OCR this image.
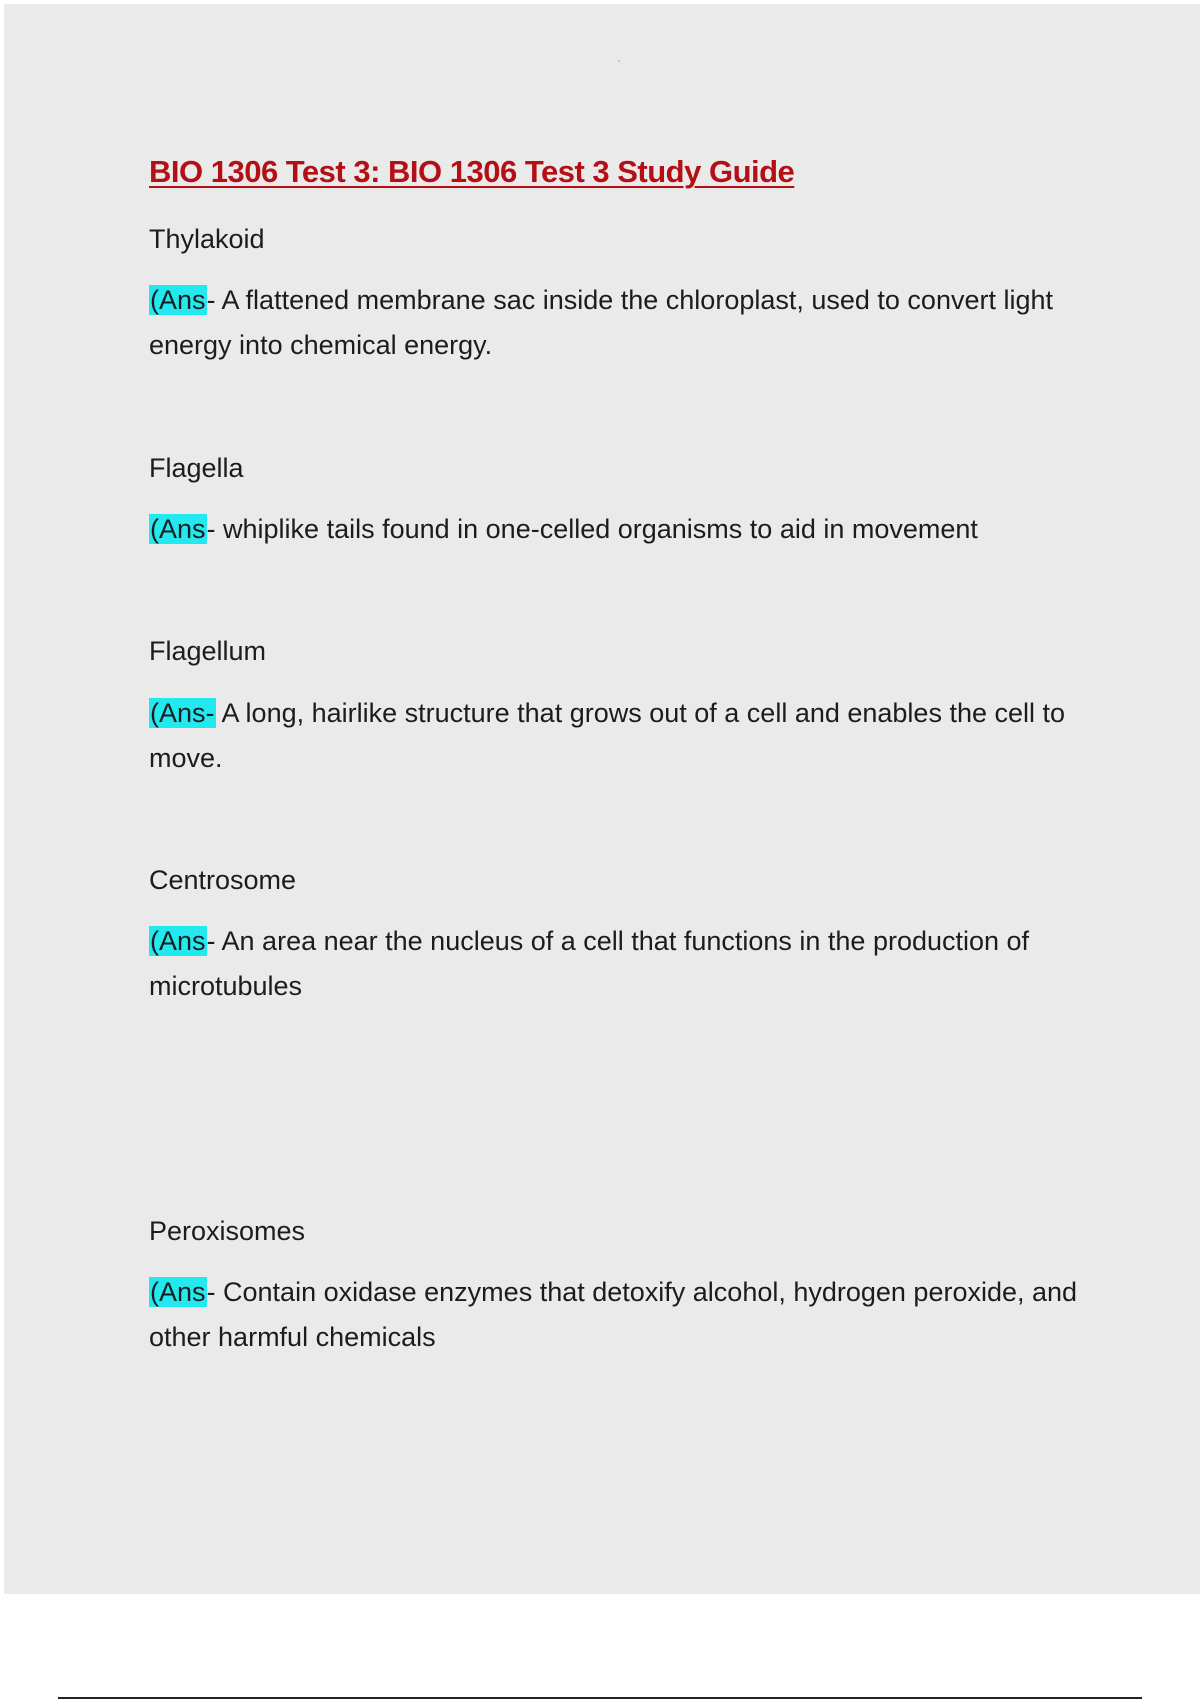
BIO 1306 Test 3: BIO 1306 Test 3 Study Guide

Thylakoid

(Ans- A flattened membrane sac inside the chloroplast, used to convert light energy into chemical energy.

Flagella

(Ans- whiplike tails found in one-celled organisms to aid in movement

Flagellum

(Ans- A long, hairlike structure that grows out of a cell and enables the cell to move.

Centrosome

(Ans- An area near the nucleus of a cell that functions in the production of microtubules

Peroxisomes

(Ans- Contain oxidase enzymes that detoxify alcohol, hydrogen peroxide, and other harmful chemicals
